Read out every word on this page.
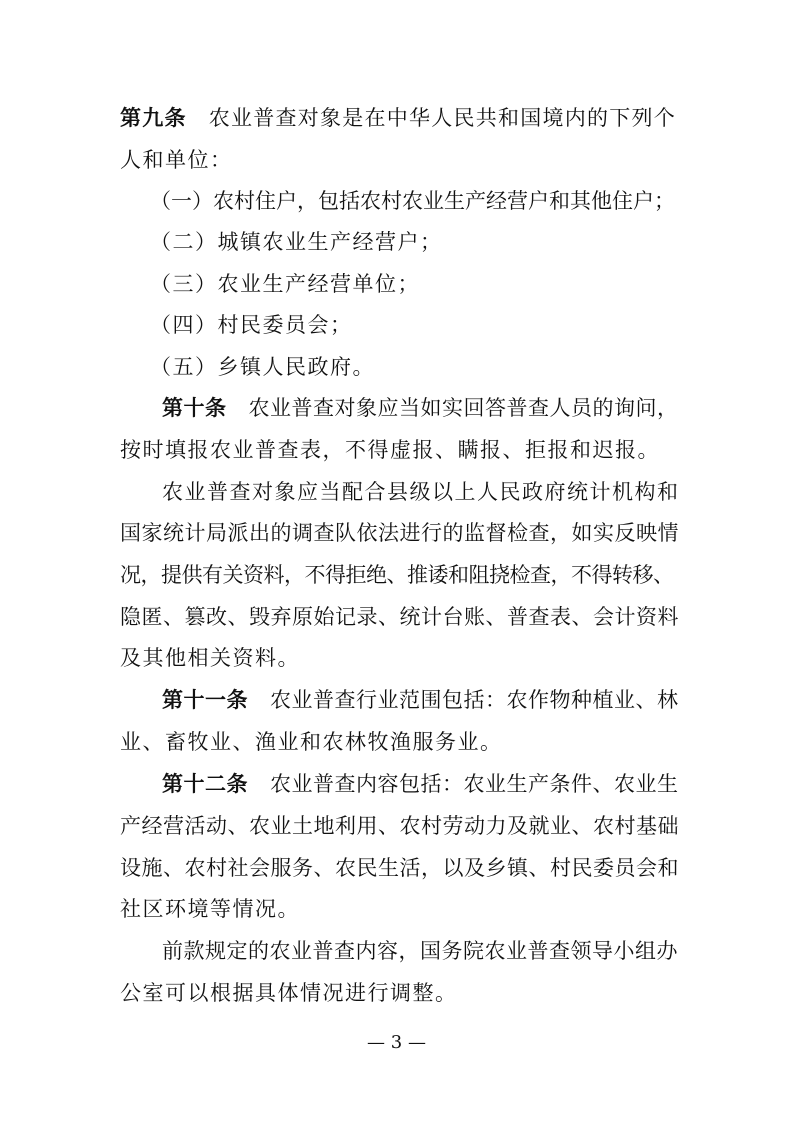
第九条 农业普查对象是在中华人民共和国境内的下列个
人和单位：
（一）农村住户，包括农村农业生产经营户和其他住户；
（二）城镇农业生产经营户；
（三）农业生产经营单位；
（四）村民委员会；
（五）乡镇人民政府。
第十条 农业普查对象应当如实回答普查人员的询问，
按时填报农业普查表，不得虚报、瞒报、拒报和迟报。
农业普查对象应当配合县级以上人民政府统计机构和
国家统计局派出的调查队依法进行的监督检查，如实反映情
况，提供有关资料，不得拒绝、推诿和阻挠检查，不得转移、
隐匿、篡改、毁弃原始记录、统计台账、普查表、会计资料
及其他相关资料。
第十一条 农业普查行业范围包括：农作物种植业、林
业、畜牧业、渔业和农林牧渔服务业。
第十二条 农业普查内容包括：农业生产条件、农业生
产经营活动、农业土地利用、农村劳动力及就业、农村基础
设施、农村社会服务、农民生活，以及乡镇、村民委员会和
社区环境等情况。
前款规定的农业普查内容，国务院农业普查领导小组办
公室可以根据具体情况进行调整。
— 3 —
